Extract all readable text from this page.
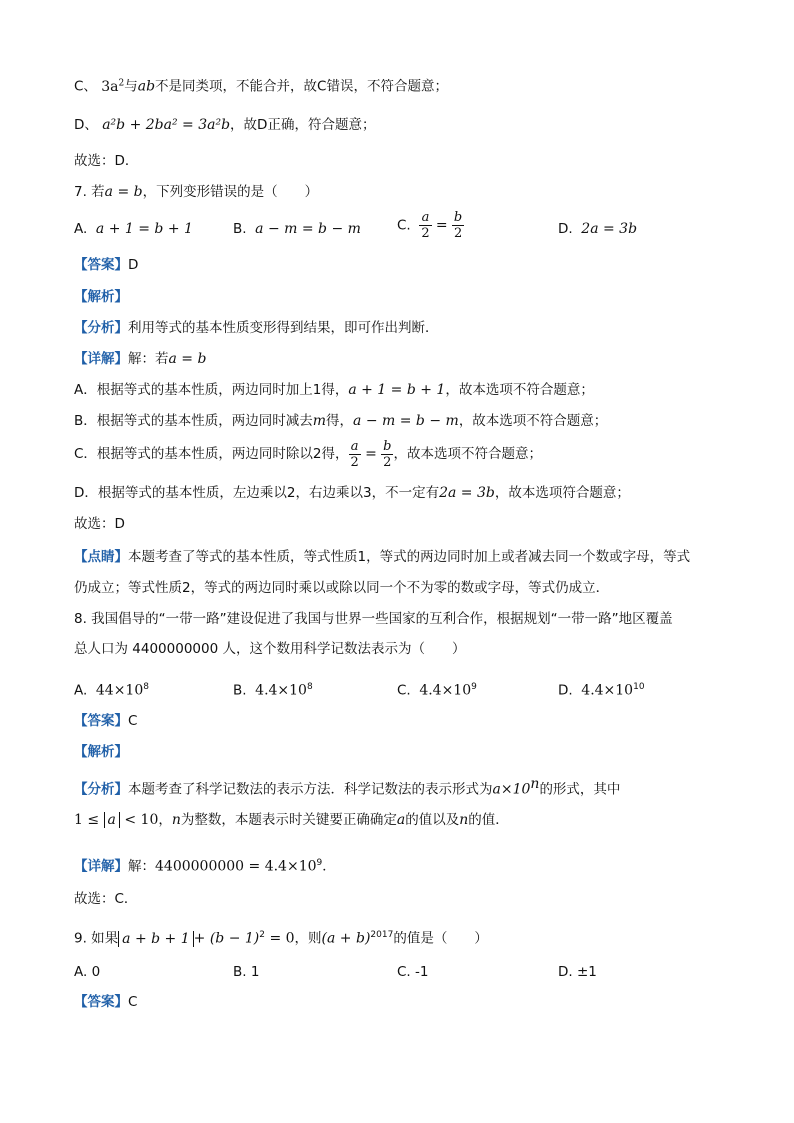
C、 $3a^2$与ab不是同类项，不能合并，故C错误，不符合题意；
D、 a²b + 2ba² = 3a²b，故D正确，符合题意；
故选：D．
7. 若a = b，下列变形错误的是（　　）
A. a + 1 = b + 1	B. a − m = b − m	C. $\frac{a}{2} = \frac{b}{2}$	D. 2a = 3b
【答案】D
【解析】
【分析】利用等式的基本性质变形得到结果，即可作出判断．
【详解】解：若a = b
A．根据等式的基本性质，两边同时加上1得，a + 1 = b + 1，故本选项不符合题意；
B．根据等式的基本性质，两边同时减去m得，a − m = b − m，故本选项不符合题意；
C．根据等式的基本性质，两边同时除以2得， $\frac{a}{2} = \frac{b}{2}$ ，故本选项不符合题意；
D．根据等式的基本性质，左边乘以2，右边乘以3，不一定有2a = 3b，故本选项符合题意；
故选：D
【点睛】本题考查了等式的基本性质，等式性质1，等式的两边同时加上或者减去同一个数或字母，等式
仍成立；等式性质2，等式的两边同时乘以或除以同一个不为零的数或字母，等式仍成立．
8. 我国倡导的“一带一路”建设促进了我国与世界一些国家的互利合作，根据规划“一带一路”地区覆盖
总人口为 4400000000 人，这个数用科学记数法表示为（　　）
A. $44\times 10^8$	B. $4.4\times 10^8$	C. $4.4\times 10^9$	D. $4.4\times 10^{10}$
【答案】C
【解析】
【分析】本题考查了科学记数法的表示方法．科学记数法的表示形式为$a\times 10^n$的形式，其中
1 ≤ a < 10，n为整数，本题表示时关键要正确确定a的值以及n的值．
【详解】解：$4400000000 = 4.4\times 10^9$．
故选：C．
9. 如果 $a + b + 1 + (b - 1)^2 = 0$，则$(a + b)^{2017}$的值是（　　）
A. 0	B. 1	C. -1	D. ±1
【答案】C
